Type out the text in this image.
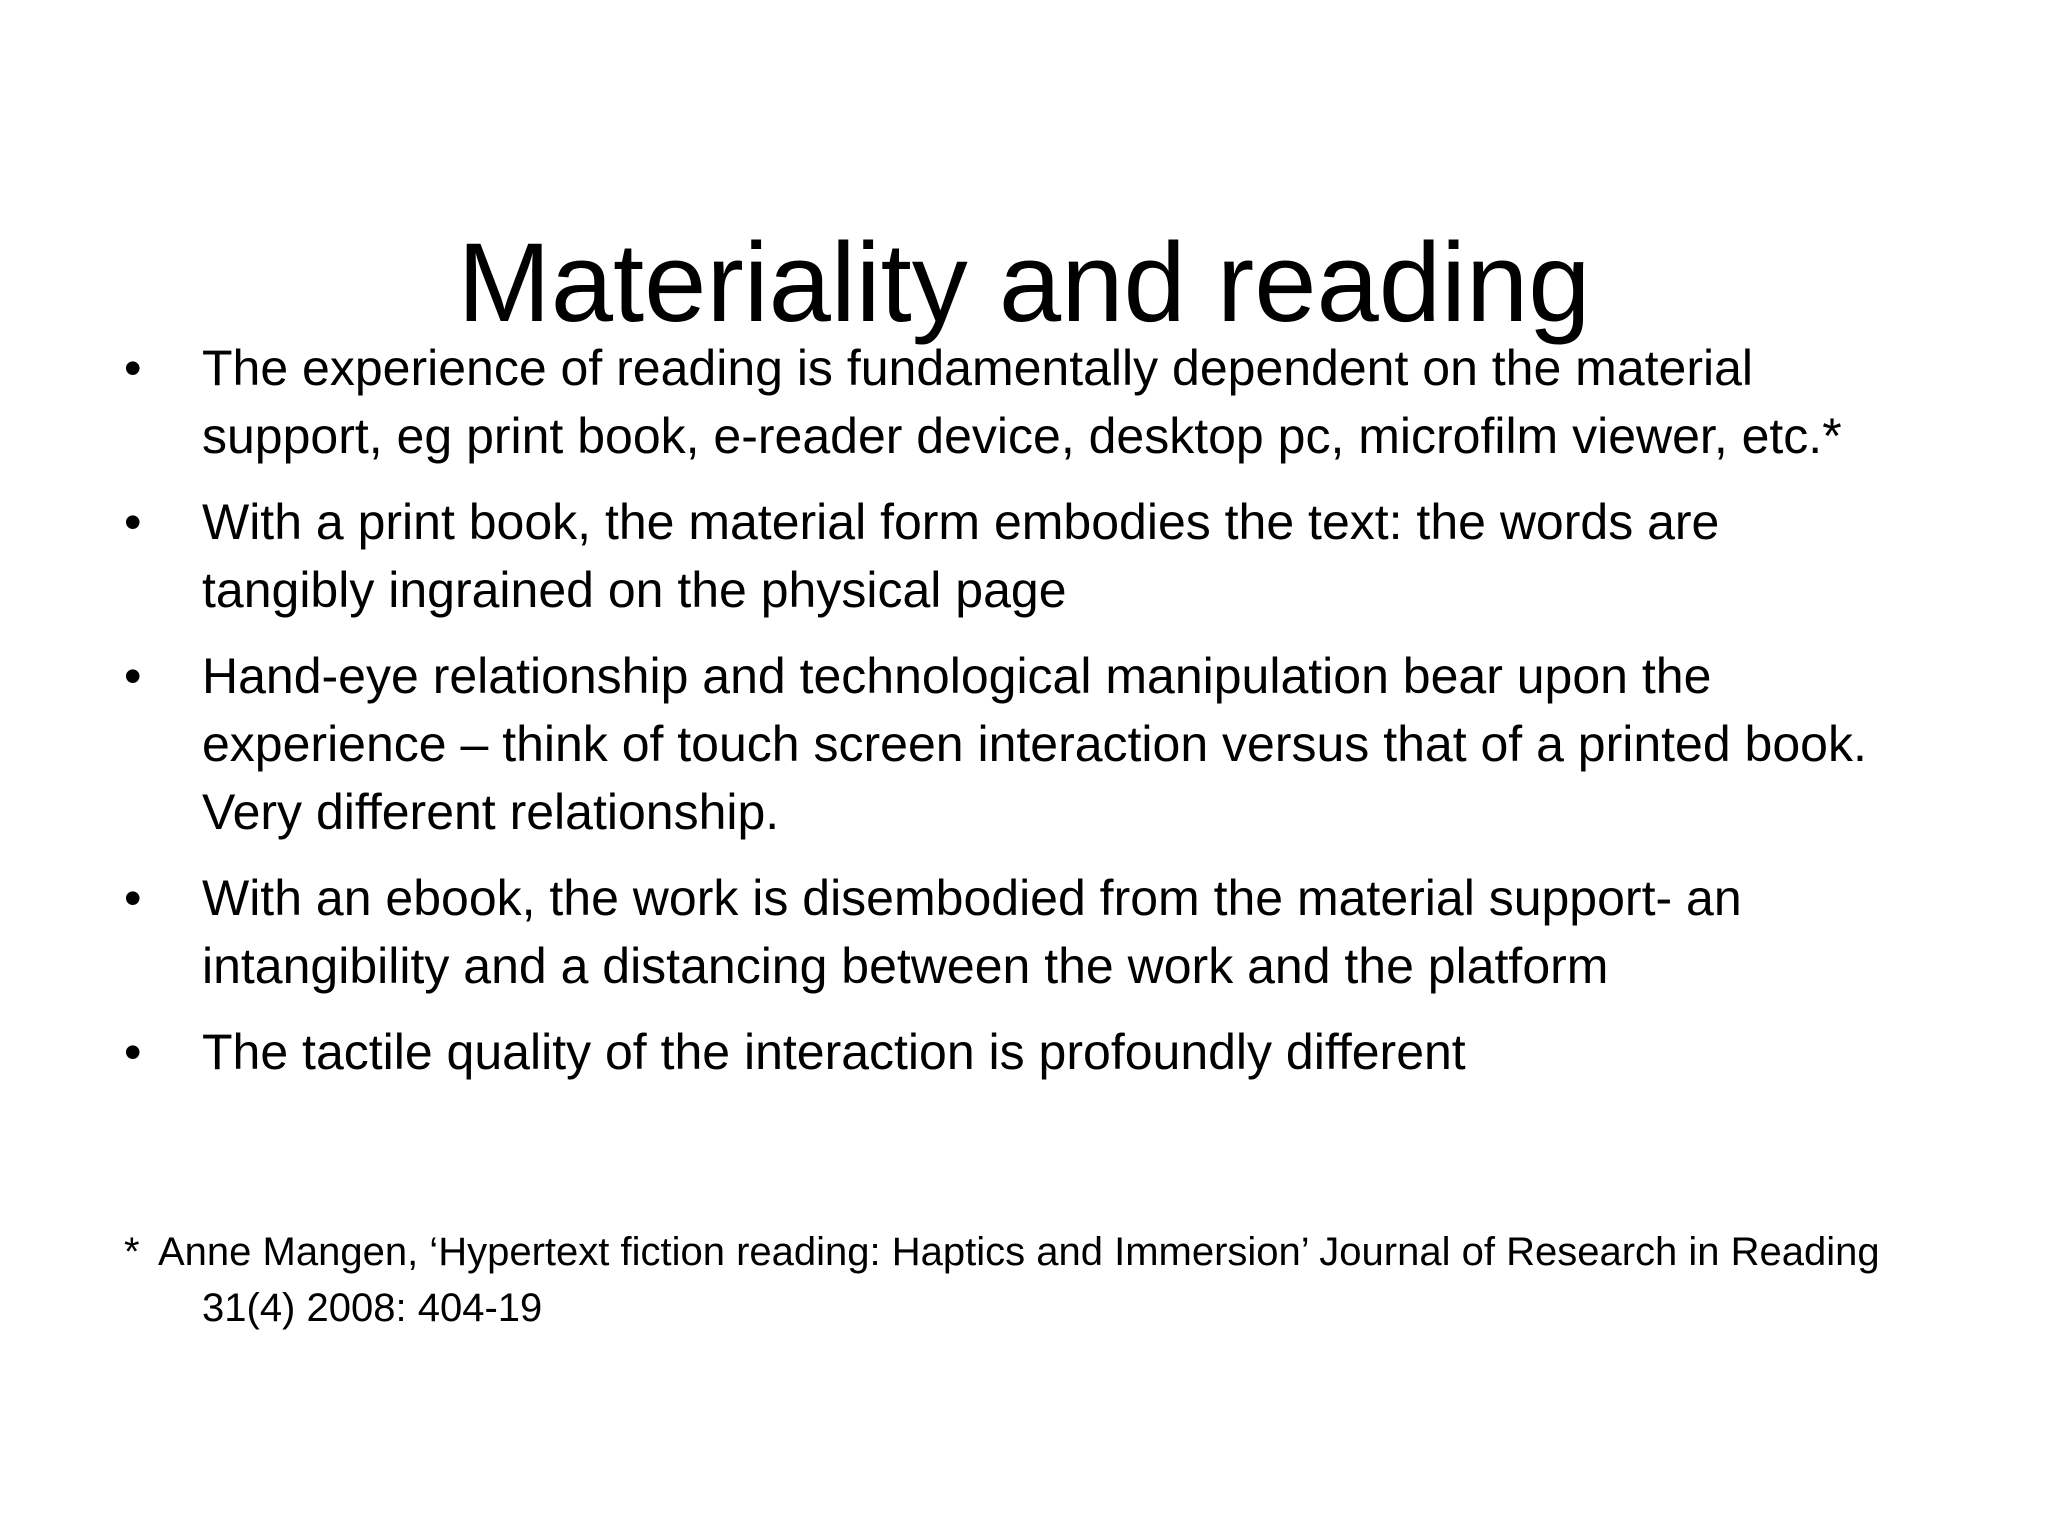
Materiality and reading
• The experience of reading is fundamentally dependent on the material support, eg print book, e-reader device, desktop pc, microfilm viewer, etc.*
• With a print book, the material form embodies the text: the words are tangibly ingrained on the physical page
• Hand-eye relationship and technological manipulation bear upon the experience – think of touch screen interaction versus that of a printed book. Very different relationship.
• With an ebook, the work is disembodied from the material support- an intangibility and a distancing between the work and the platform
• The tactile quality of the interaction is profoundly different
* Anne Mangen, ‘Hypertext fiction reading: Haptics and Immersion’ Journal of Research in Reading 31(4) 2008: 404-19
